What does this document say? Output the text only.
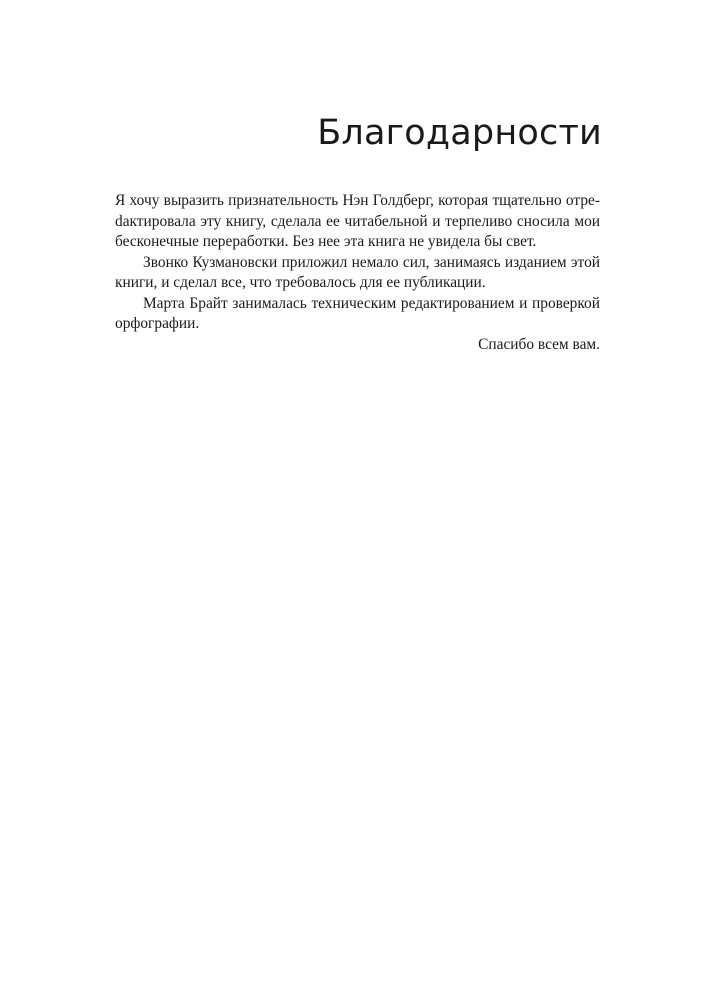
Благодарности

Я хочу выразить признательность Нэн Голдберг, которая тщательно отреdактировала эту книгу, сделала ее читабельной и терпеливо сносила мои бесконечные переработки. Без нее эта книга не увидела бы свет.

Звонко Кузмановски приложил немало сил, занимаясь изданием этой книги, и сделал все, что требовалось для ее публикации.

Марта Брайт занималась техническим редактированием и проверкой орфографии.

Спасибо всем вам.
